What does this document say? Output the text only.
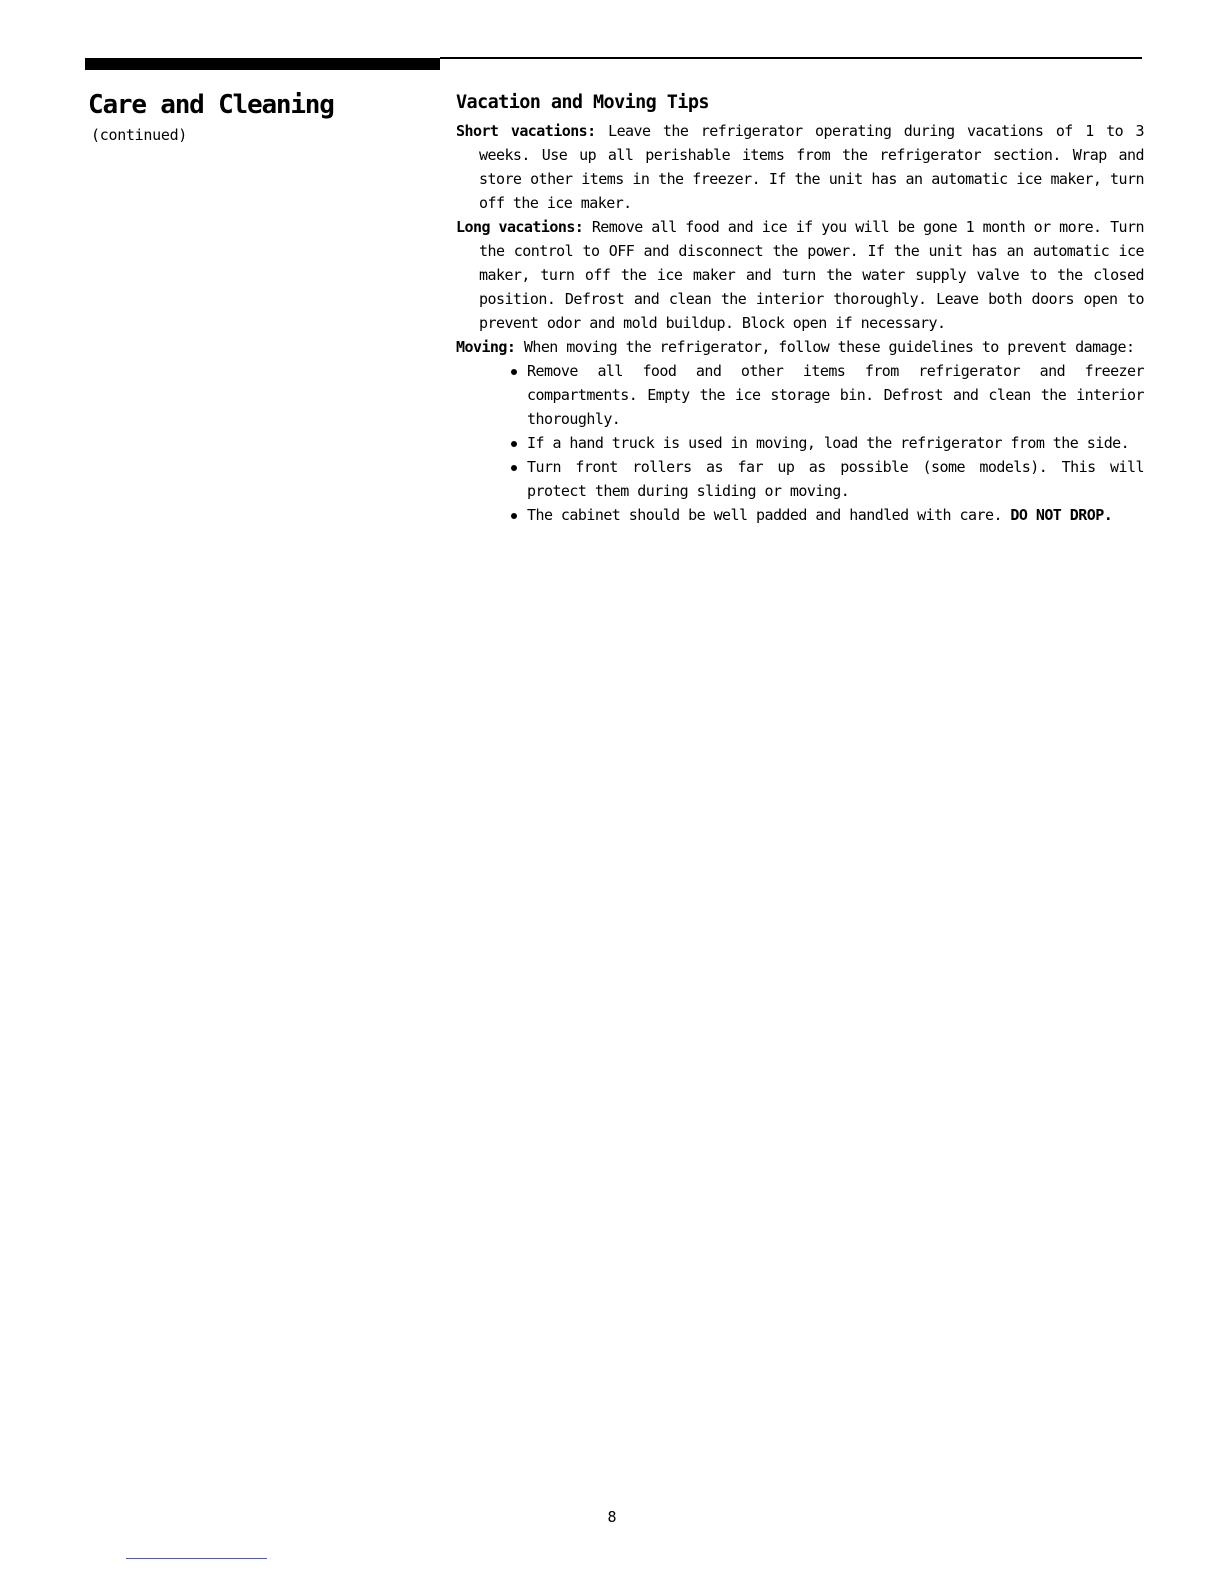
Care and Cleaning
(continued)
Vacation and Moving Tips

Short vacations: Leave the refrigerator operating during vacations of 1 to 3 weeks. Use up all perishable items from the refrigerator section. Wrap and store other items in the freezer. If the unit has an automatic ice maker, turn off the ice maker.

Long vacations: Remove all food and ice if you will be gone 1 month or more. Turn the control to OFF and disconnect the power. If the unit has an automatic ice maker, turn off the ice maker and turn the water supply valve to the closed position. Defrost and clean the interior thoroughly. Leave both doors open to prevent odor and mold buildup. Block open if necessary.

Moving: When moving the refrigerator, follow these guidelines to prevent damage:

Remove all food and other items from refrigerator and freezer compartments. Empty the ice storage bin. Defrost and clean the interior thoroughly.
If a hand truck is used in moving, load the refrigerator from the side.
Turn front rollers as far up as possible (some models). This will protect them during sliding or moving.
The cabinet should be well padded and handled with care. DO NOT DROP.
8
